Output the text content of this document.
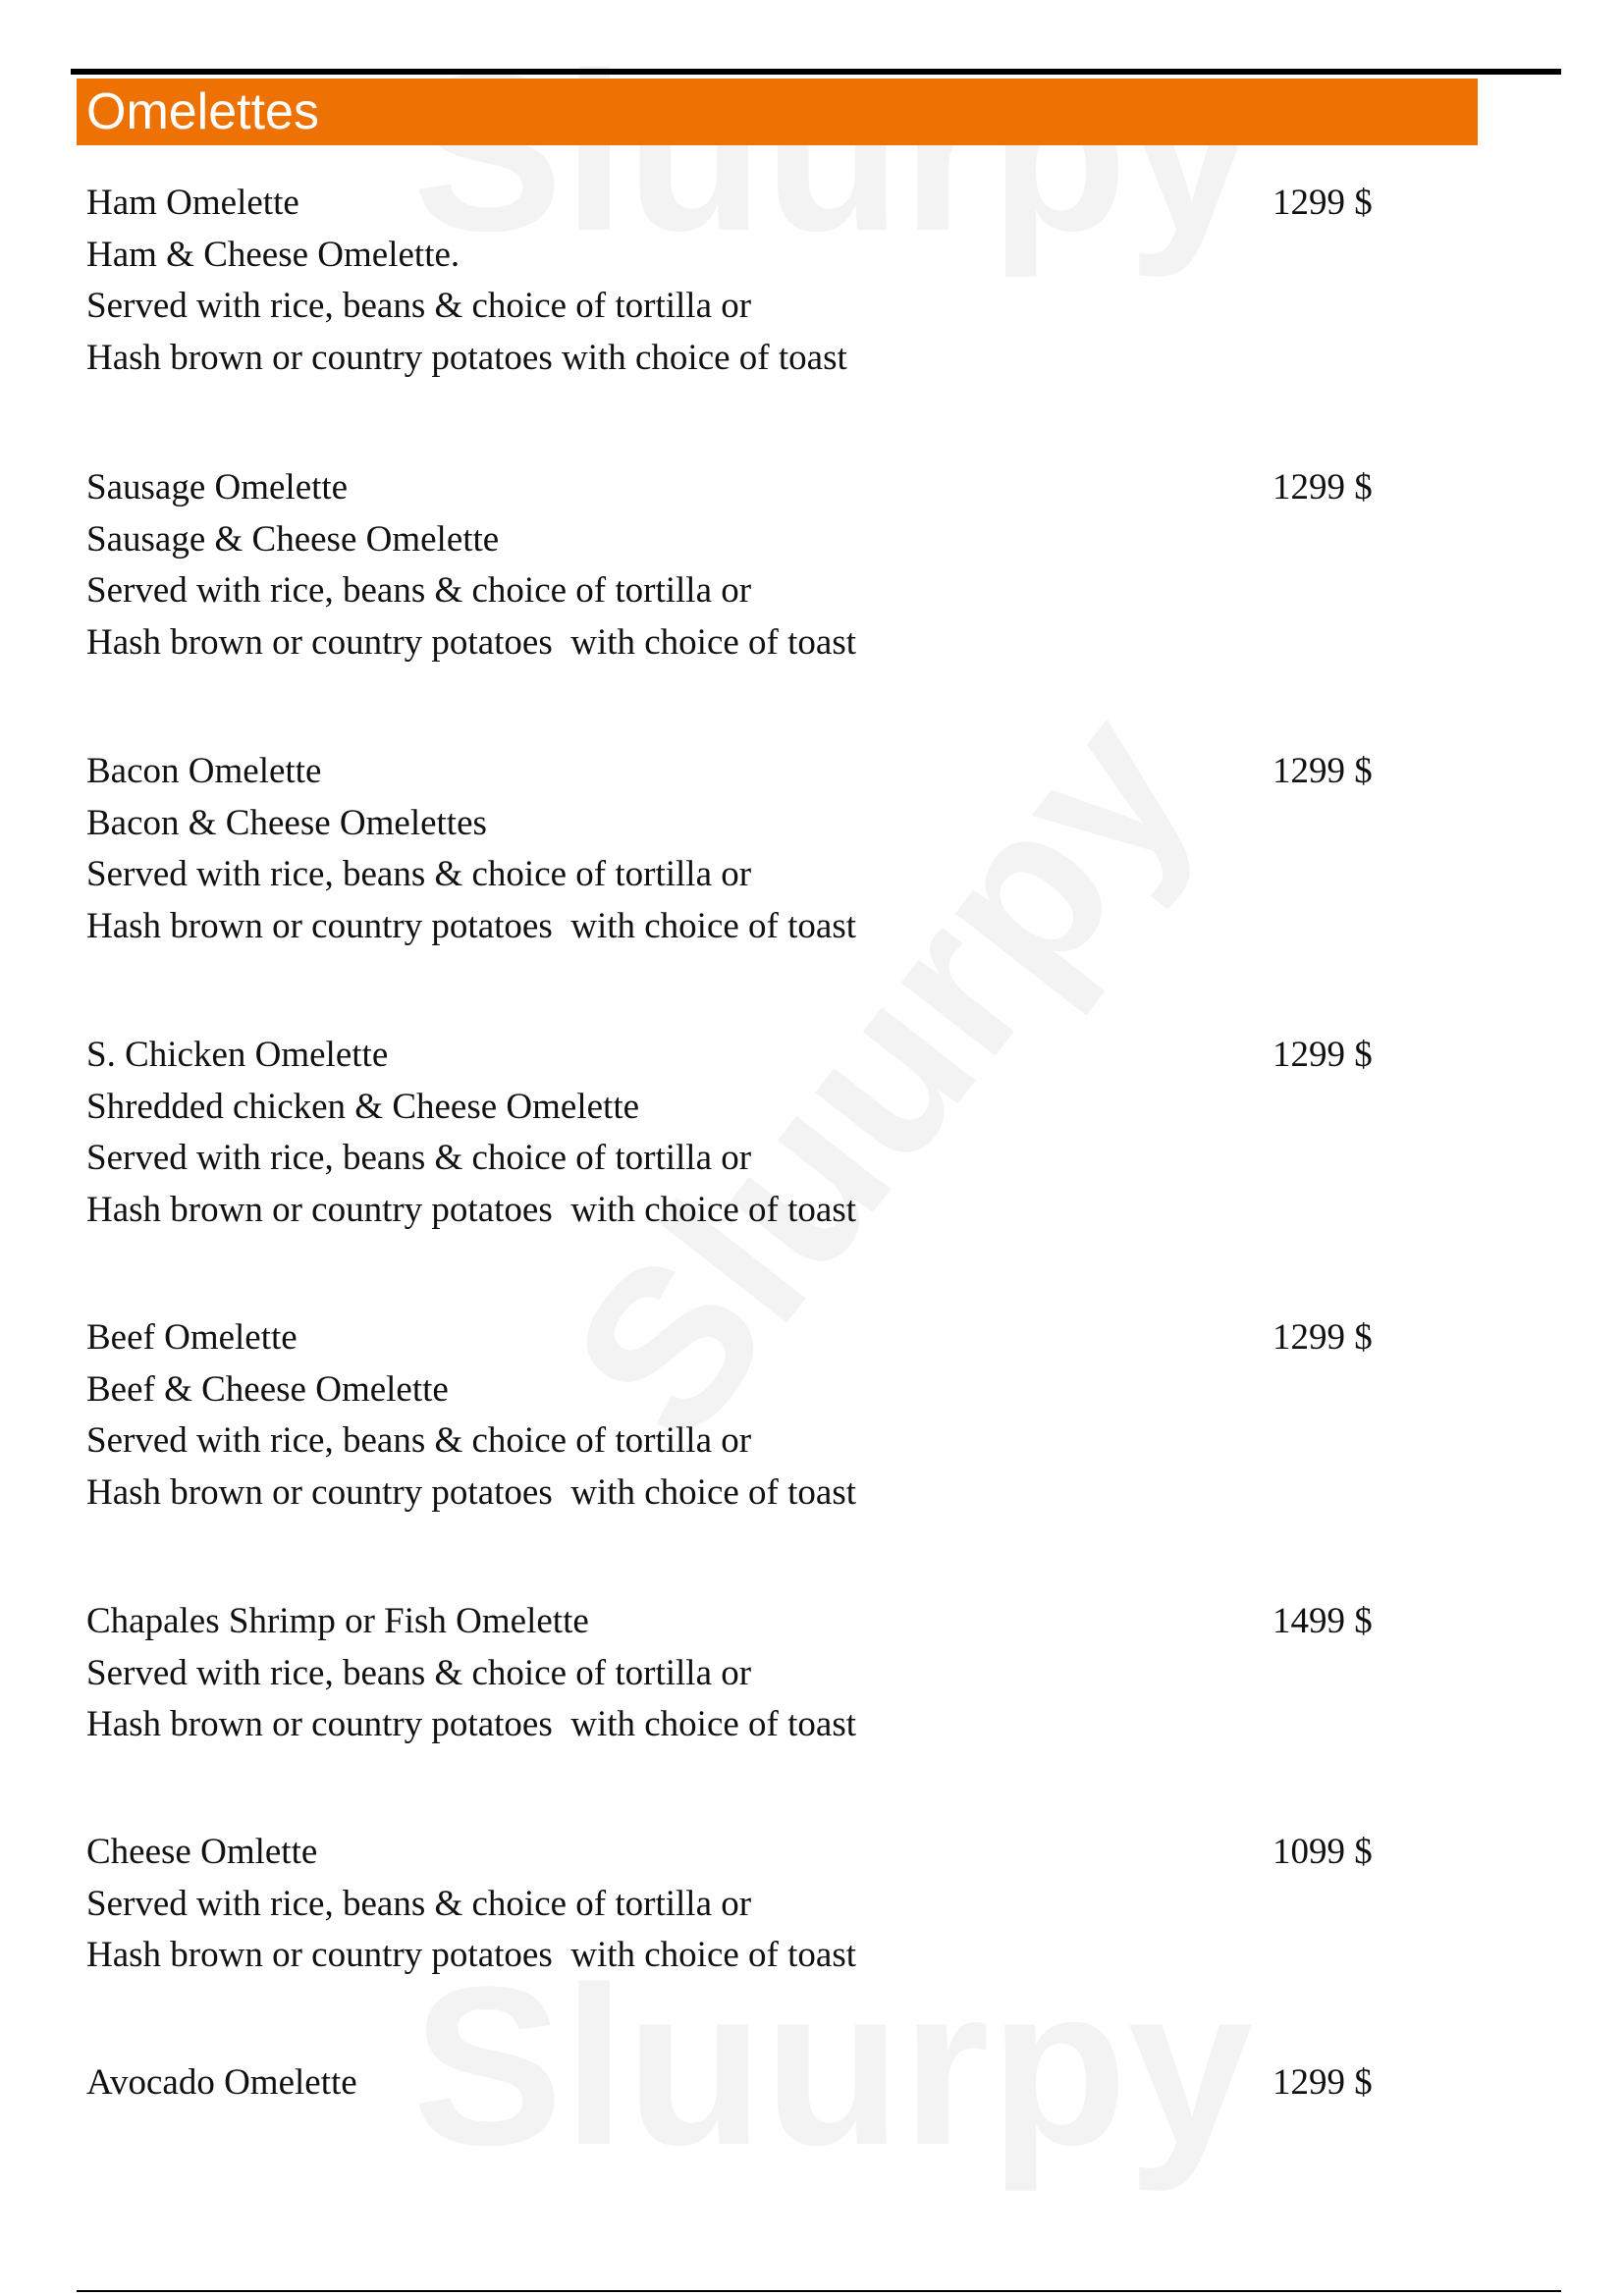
Omelettes
Ham Omelette
Ham & Cheese Omelette.
Served with rice, beans & choice of tortilla or
Hash brown or country potatoes with choice of toast
1299 $
Sausage Omelette
Sausage & Cheese Omelette
Served with rice, beans & choice of tortilla or
Hash brown or country potatoes  with choice of toast
1299 $
Bacon Omelette
Bacon & Cheese Omelettes
Served with rice, beans & choice of tortilla or
Hash brown or country potatoes  with choice of toast
1299 $
S. Chicken Omelette
Shredded chicken & Cheese Omelette
Served with rice, beans & choice of tortilla or
Hash brown or country potatoes  with choice of toast
1299 $
Beef Omelette
Beef & Cheese Omelette
Served with rice, beans & choice of tortilla or
Hash brown or country potatoes  with choice of toast
1299 $
Chapales Shrimp or Fish Omelette
Served with rice, beans & choice of tortilla or
Hash brown or country potatoes  with choice of toast
1499 $
Cheese Omlette
Served with rice, beans & choice of tortilla or
Hash brown or country potatoes  with choice of toast
1099 $
Avocado Omelette	1299 $
